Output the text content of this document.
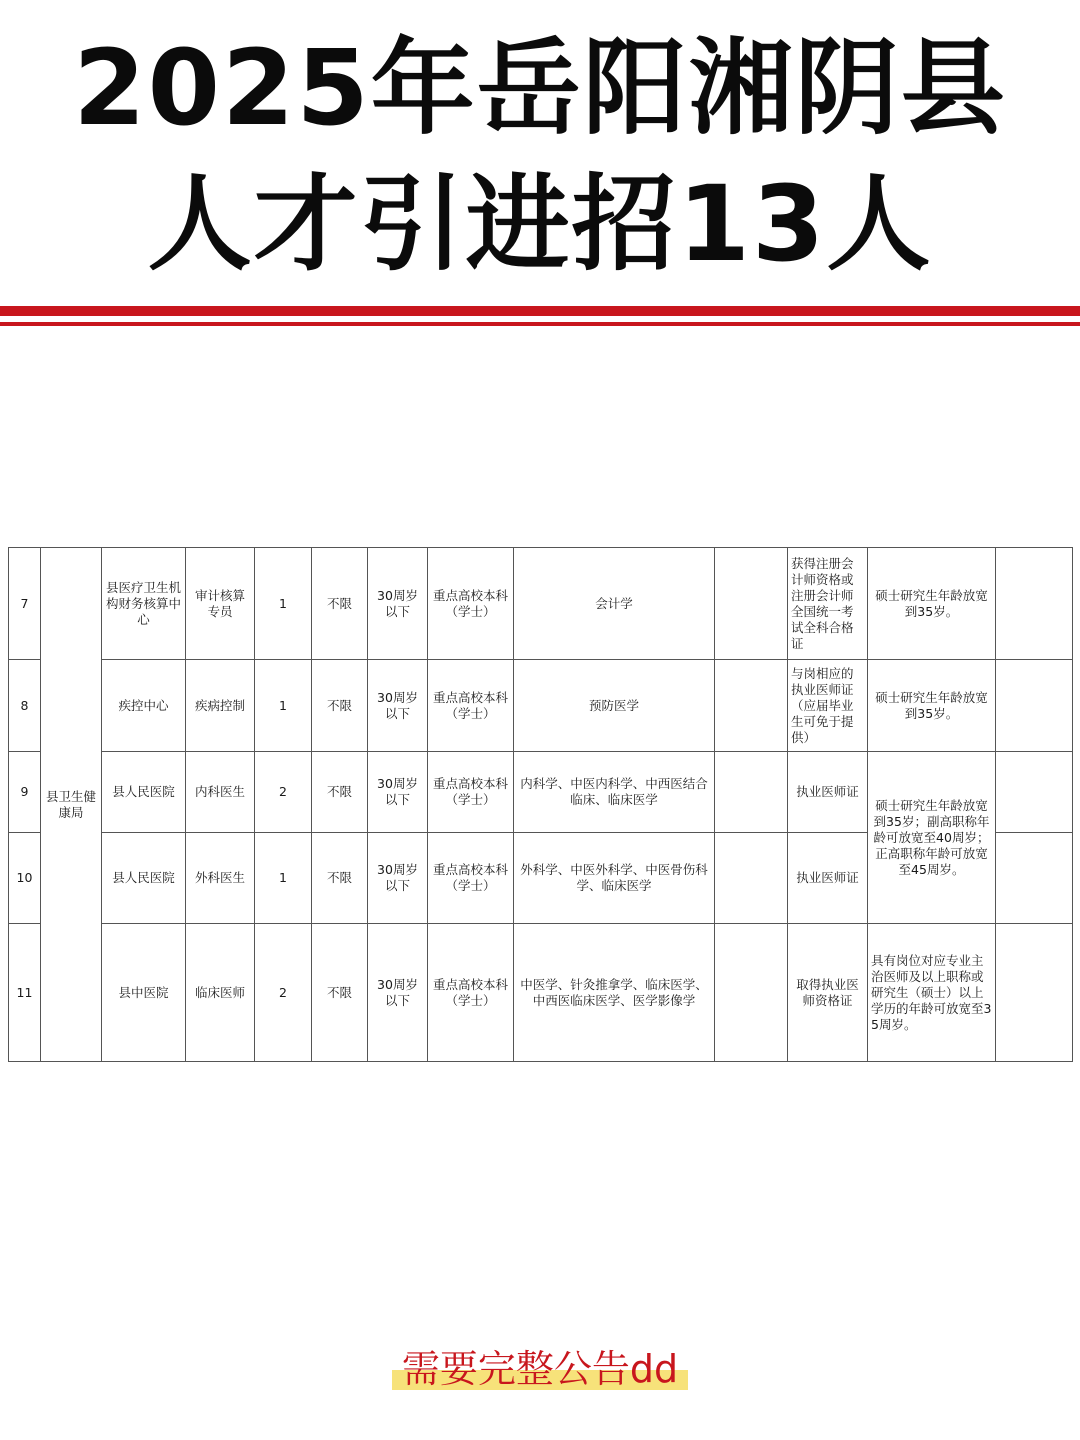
2025年岳阳湘阴县
人才引进招13人
7	县卫生健康局	县医疗卫生机构财务核算中心	审计核算专员	1	不限	30周岁以下	重点高校本科（学士）	会计学		获得注册会计师资格或注册会计师全国统一考试全科合格证	硕士研究生年龄放宽到35岁。	
8		疾控中心	疾病控制	1	不限	30周岁以下	重点高校本科（学士）	预防医学		与岗相应的执业医师证（应届毕业生可免于提供）	硕士研究生年龄放宽到35岁。	
9		县人民医院	内科医生	2	不限	30周岁以下	重点高校本科（学士）	内科学、中医内科学、中西医结合临床、临床医学		执业医师证	硕士研究生年龄放宽到35岁；副高职称年龄可放宽至40周岁；正高职称年龄可放宽至45周岁。	
10		县人民医院	外科医生	1	不限	30周岁以下	重点高校本科（学士）	外科学、中医外科学、中医骨伤科学、临床医学		执业医师证		
11		县中医院	临床医师	2	不限	30周岁以下	重点高校本科（学士）	中医学、针灸推拿学、临床医学、中西医临床医学、医学影像学		取得执业医师资格证	具有岗位对应专业主治医师及以上职称或研究生（硕士）以上学历的年龄可放宽至35周岁。	
需要完整公告dd
